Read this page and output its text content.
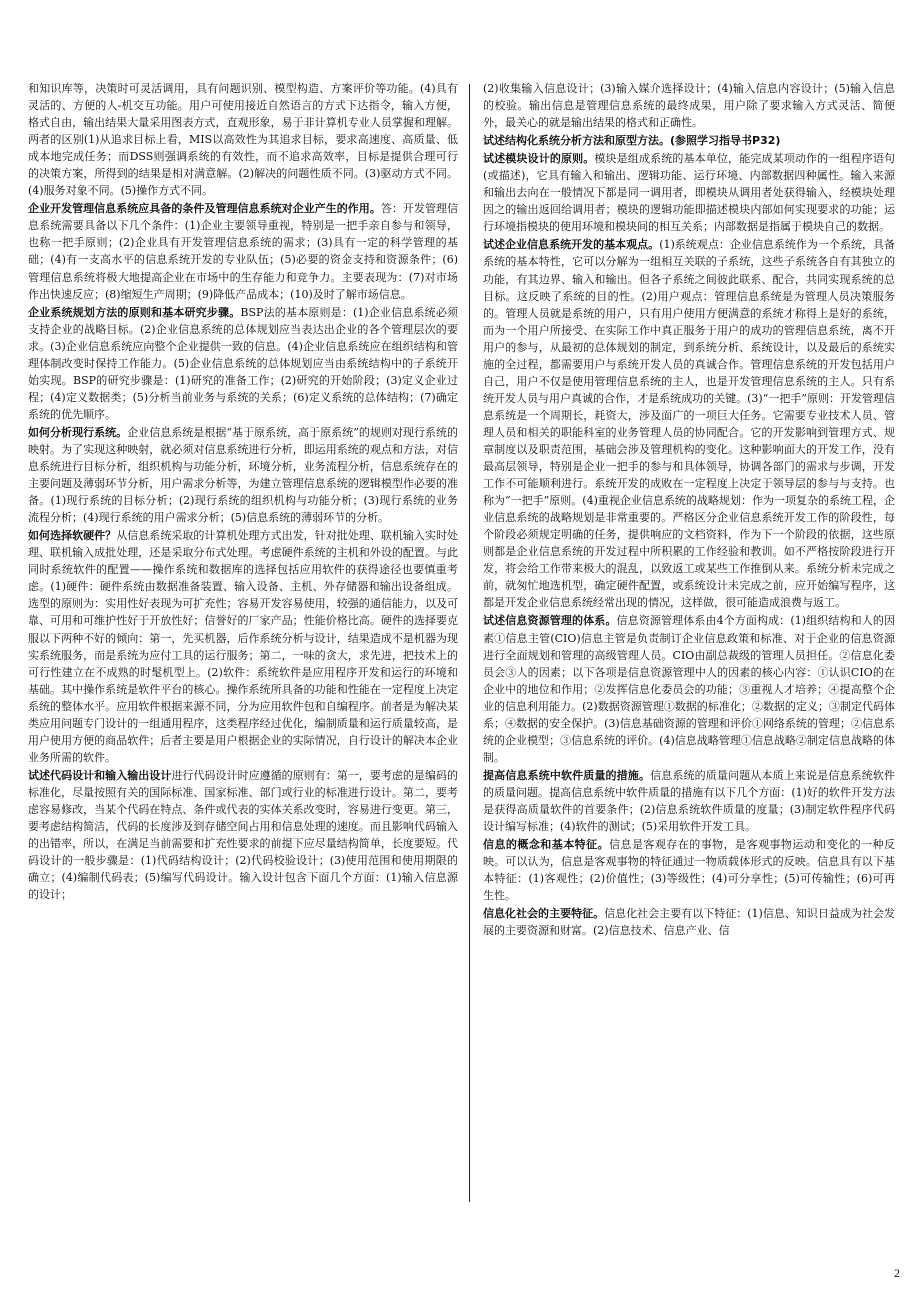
和知识库等，决策时可灵活调用，具有问题识别、模型构造、方案评价等功能。(4)具有灵活的、方便的人-机交互功能。用户可使用接近自然语言的方式下达指令，输入方便，格式自由，输出结果大量采用图表方式，直观形象，易于非计算机专业人员掌握和理解。两者的区别(1)从追求目标上看，MIS以高效性为其追求目标，要求高速度、高质量、低成本地完成任务；而DSS则强调系统的有效性，而不追求高效率，目标是提供合理可行的决策方案，所得到的结果是相对满意解。(2)解决的问题性质不同。(3)驱动方式不同。(4)服务对象不同。(5)操作方式不同。

企业开发管理信息系统应具备的条件及管理信息系统对企业产生的作用。答：开发管理信息系统需要具备以下几个条件：(1)企业主要领导重视，特别是一把手亲自参与和领导，也称一把手原则；(2)企业具有开发管理信息系统的需求；(3)具有一定的科学管理的基础；(4)有一支高水平的信息系统开发的专业队伍；(5)必要的资金支持和资源条件；(6)管理信息系统将极大地提高企业在市场中的生存能力和竞争力。主要表现为：(7)对市场作出快速反应；(8)缩短生产周期；(9)降低产品成本；(10)及时了解市场信息。

企业系统规划方法的原则和基本研究步骤。BSP法的基本原则是：(1)企业信息系统必须支持企业的战略目标。(2)企业信息系统的总体规划应当表达出企业的各个管理层次的要求。(3)企业信息系统应向整个企业提供一致的信息。(4)企业信息系统应在组织结构和管理体制改变时保持工作能力。(5)企业信息系统的总体规划应当由系统结构中的子系统开始实现。BSP的研究步骤是：(1)研究的准备工作；(2)研究的开始阶段；(3)定义企业过程；(4)定义数据类；(5)分析当前业务与系统的关系；(6)定义系统的总体结构；(7)确定系统的优先顺序。

如何分析现行系统。企业信息系统是根据“基于原系统，高于原系统”的规则对现行系统的映射。为了实现这种映射，就必须对信息系统进行分析，即运用系统的观点和方法，对信息系统进行目标分析，组织机构与功能分析，环境分析，业务流程分析，信息系统存在的主要问题及薄弱环节分析，用户需求分析等，为建立管理信息系统的逻辑模型作必要的准备。(1)现行系统的目标分析；(2)现行系统的组织机构与功能分析；(3)现行系统的业务流程分析；(4)现行系统的用户需求分析；(5)信息系统的薄弱环节的分析。

如何选择软硬件？从信息系统采取的计算机处理方式出发，针对批处理、联机输入实时处理、联机输入成批处理，还是采取分布式处理。考虑硬件系统的主机和外设的配置。与此同时系统软件的配置——操作系统和数据库的选择包括应用软件的获得途径也要慎重考虑。(1)硬件：硬件系统由数据准备装置、输入设备、主机、外存储器和输出设备组成。选型的原则为：实用性好表现为可扩充性；容易开发容易使用，较强的通信能力，以及可靠、可用和可维护性好于开放性好；信誉好的厂家产品；性能价格比高。硬件的选择要克服以下两种不好的倾向：第一，先买机器，后作系统分析与设计，结果造成不是机器为现实系统服务，而是系统为应付工具的运行服务；第二，一味的贪大，求先进，把技术上的可行性建立在不成熟的时髦机型上。(2)软件：系统软件是应用程序开发和运行的环境和基础。其中操作系统是软件平台的核心。操作系统所具备的功能和性能在一定程度上决定系统的整体水平。应用软件根据来源不同，分为应用软件包和自编程序。前者是为解决某类应用问题专门设计的一组通用程序，这类程序经过优化，编制质量和运行质量较高，是用户使用方便的商品软件；后者主要是用户根据企业的实际情况，自行设计的解决本企业业务所需的软件。

试述代码设计和输入输出设计进行代码设计时应遵循的原则有：第一，要考虑的是编码的标准化，尽量按照有关的国际标准、国家标准、部门或行业的标准进行设计。第二，要考虑容易修改，当某个代码在特点、条件或代表的实体关系改变时，容易进行变更。第三，要考虑结构简洁，代码的长度涉及到存储空间占用和信息处理的速度。而且影响代码输入的出错率，所以，在满足当前需要和扩充性要求的前提下应尽量结构简单，长度要短。代码设计的一般步骤是：(1)代码结构设计；(2)代码校验设计；(3)使用范围和使用期限的确立；(4)编制代码表；(5)编写代码设计。输入设计包含下面几个方面：(1)输入信息源的设计；

(2)收集输入信息设计；(3)输入媒介选择设计；(4)输入信息内容设计；(5)输入信息的校验。输出信息是管理信息系统的最终成果，用户除了要求输入方式灵活、简便外，最关心的就是输出结果的格式和正确性。

试述结构化系统分析方法和原型方法。(参照学习指导书P32)

试述模块设计的原则。模块是组成系统的基本单位，能完成某项动作的一组程序语句(或描述)，它具有输入和输出、逻辑功能、运行环境、内部数据四种属性。输入来源和输出去向在一般情况下都是同一调用者，即模块从调用者处获得输入，经模块处理因之的输出返回给调用者；模块的逻辑功能即描述模块内部如何实现要求的功能；运行环境指模块的使用环境和模块间的相互关系；内部数据是指属于模块自己的数据。

试述企业信息系统开发的基本观点。(1)系统观点：企业信息系统作为一个系统，具备系统的基本特性，它可以分解为一组相互关联的子系统，这些子系统各自有其独立的功能，有其边界、输入和输出。但各子系统之间彼此联系、配合，共同实现系统的总目标。这反映了系统的目的性。(2)用户观点：管理信息系统是为管理人员决策服务的。管理人员就是系统的用户，只有用户使用方便满意的系统才称得上是好的系统，而为一个用户所接受、在实际工作中真正服务于用户的成功的管理信息系统，离不开用户的参与，从最初的总体规划的制定，到系统分析、系统设计，以及最后的系统实施的全过程，都需要用户与系统开发人员的真诚合作。管理信息系统的开发包括用户自己，用户不仅是使用管理信息系统的主人，也是开发管理信息系统的主人。只有系统开发人员与用户真诚的合作，才是系统成功的关键。(3)“一把手”原则：开发管理信息系统是一个周期长，耗资大，涉及面广的一项巨大任务。它需要专业技术人员、管理人员和相关的职能科室的业务管理人员的协同配合。它的开发影响到管理方式、规章制度以及职责范围，基础会涉及管理机构的变化。这种影响面大的开发工作，没有最高层领导，特别是企业一把手的参与和具体领导，协调各部门的需求与步调，开发工作不可能顺利进行。系统开发的成败在一定程度上决定于领导层的参与与支持。也称为“一把手”原则。(4)重视企业信息系统的战略规划：作为一项复杂的系统工程，企业信息系统的战略规划是非常重要的。严格区分企业信息系统开发工作的阶段性，每个阶段必须规定明确的任务，提供响应的文档资料，作为下一个阶段的依据，这些原则都是企业信息系统的开发过程中所积累的工作经验和教训。如不严格按阶段进行开发，将会给工作带来极大的混乱，以致返工或某些工作推倒从来。系统分析未完成之前，就匆忙地选机型，确定硬件配置，或系统设计未完成之前，应开始编写程序，这都是开发企业信息系统经常出现的情况，这样做，很可能造成浪费与返工。

试述信息资源管理的体系。信息资源管理体系由4个方面构成：(1)组织结构和人的因素①信息主管(CIO)信息主管是负责制订企业信息政策和标准、对于企业的信息资源进行全面规划和管理的高级管理人员。CIO由副总裁级的管理人员担任。②信息化委员会③人的因素；以下各项是信息资源管理中人的因素的核心内容：①认识CIO的在企业中的地位和作用；②发挥信息化委员会的功能；③重视人才培养；④提高整个企业的信息利用能力。(2)数据资源管理①数据的标准化；②数据的定义；③制定代码体系；④数据的安全保护。(3)信息基础资源的管理和评价①网络系统的管理；②信息系统的企业模型；③信息系统的评价。(4)信息战略管理①信息战略②制定信息战略的体制。

提高信息系统中软件质量的措施。信息系统的质量问题从本质上来说是信息系统软件的质量问题。提高信息系统中软件质量的措施有以下几个方面：(1)好的软件开发方法是获得高质量软件的首要条件；(2)信息系统软件质量的度量；(3)制定软件程序代码设计编写标准；(4)软件的测试；(5)采用软件开发工具。

信息的概念和基本特征。信息是客观存在的事物，是客观事物运动和变化的一种反映。可以认为，信息是客观事物的特征通过一物质载体形式的反映。信息具有以下基本特征：(1)客观性；(2)价值性；(3)等级性；(4)可分享性；(5)可传输性；(6)可再生性。

信息化社会的主要特征。信息化社会主要有以下特征：(1)信息、知识日益成为社会发展的主要资源和财富。(2)信息技术、信息产业、信

2
